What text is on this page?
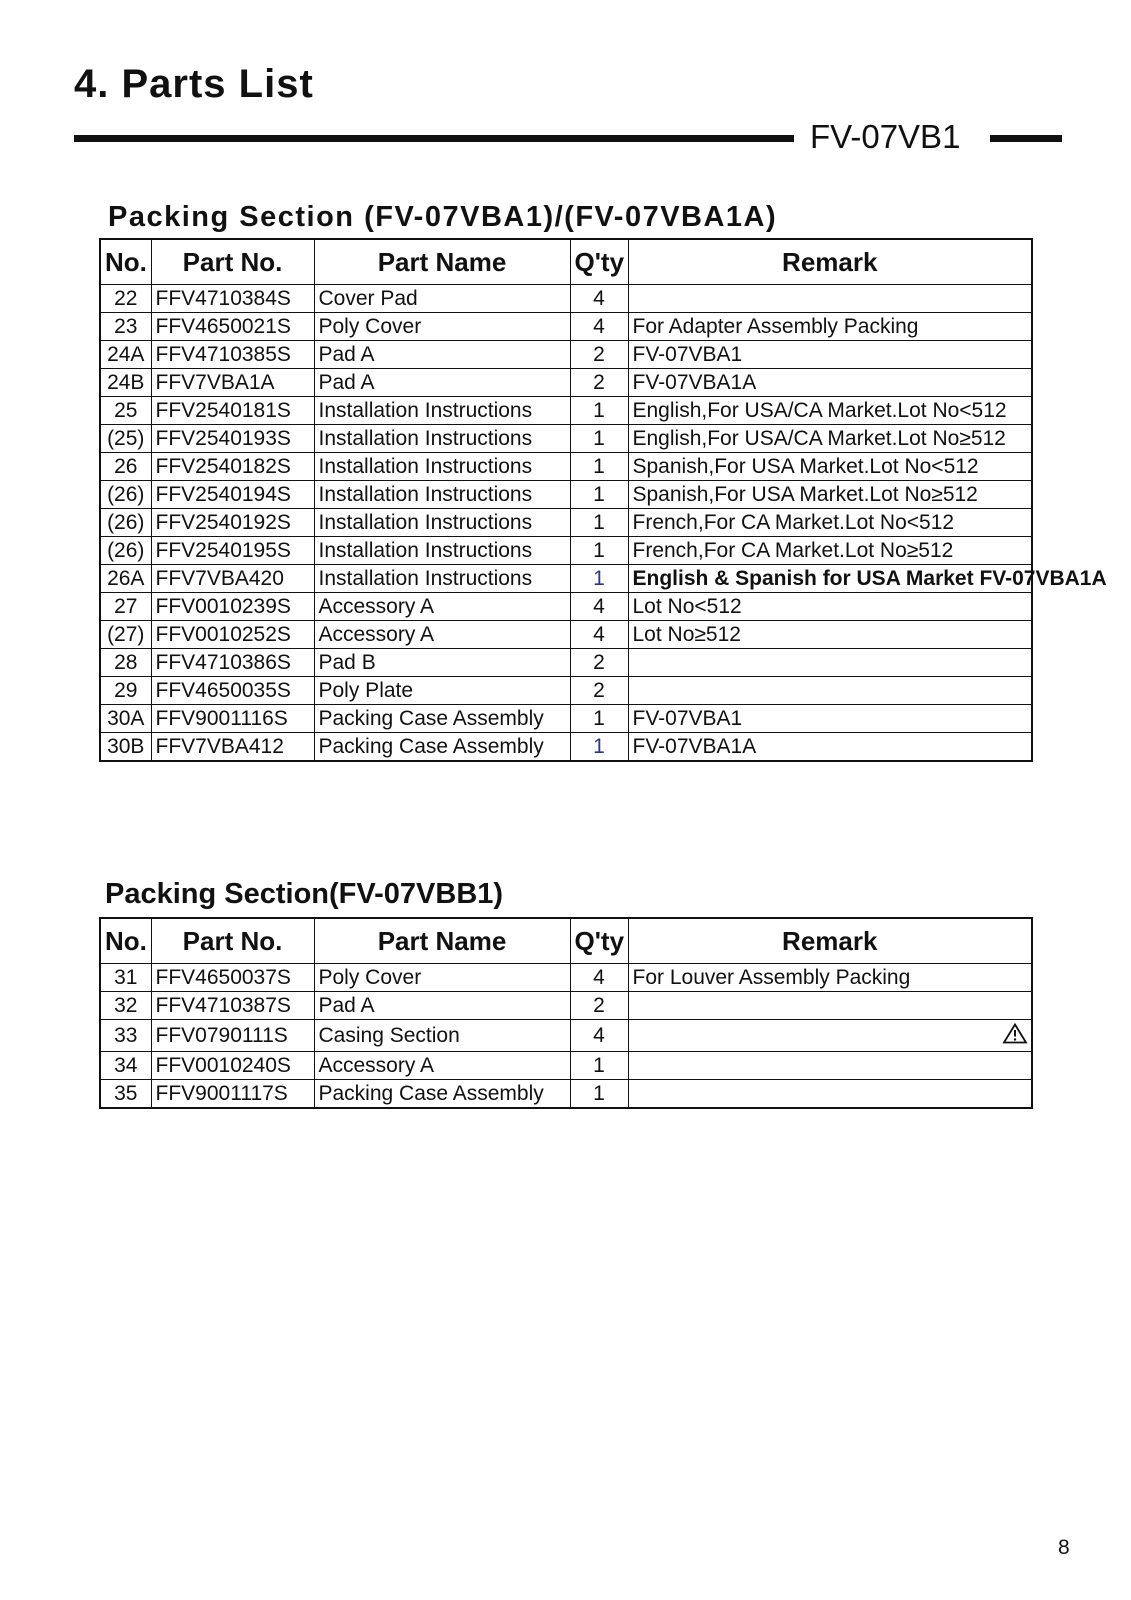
4. Parts List
FV-07VB1
Packing Section (FV-07VBA1)/(FV-07VBA1A)
No.	Part No.	Part Name	Q'ty	Remark
22	FFV4710384S	Cover Pad	4	
23	FFV4650021S	Poly Cover	4	For Adapter Assembly Packing
24A	FFV4710385S	Pad A	2	FV-07VBA1
24B	FFV7VBA1A	Pad A	2	FV-07VBA1A
25	FFV2540181S	Installation Instructions	1	English,For USA/CA Market.Lot No<512
(25)	FFV2540193S	Installation Instructions	1	English,For USA/CA Market.Lot No≥512
26	FFV2540182S	Installation Instructions	1	Spanish,For USA Market.Lot No<512
(26)	FFV2540194S	Installation Instructions	1	Spanish,For USA Market.Lot No≥512
(26)	FFV2540192S	Installation Instructions	1	French,For CA Market.Lot No<512
(26)	FFV2540195S	Installation Instructions	1	French,For CA Market.Lot No≥512
26A	FFV7VBA420	Installation Instructions	1	English & Spanish for USA Market FV-07VBA1A
27	FFV0010239S	Accessory A	4	Lot No<512
(27)	FFV0010252S	Accessory A	4	Lot No≥512
28	FFV4710386S	Pad B	2	
29	FFV4650035S	Poly Plate	2	
30A	FFV9001116S	Packing Case Assembly	1	FV-07VBA1
30B	FFV7VBA412	Packing Case Assembly	1	FV-07VBA1A
Packing Section(FV-07VBB1)
No.	Part No.	Part Name	Q'ty	Remark
31	FFV4650037S	Poly Cover	4	For Louver Assembly Packing
32	FFV4710387S	Pad A	2	
33	FFV0790111S	Casing Section	4	

34	FFV0010240S	Accessory A	1	
35	FFV9001117S	Packing Case Assembly	1	
8
